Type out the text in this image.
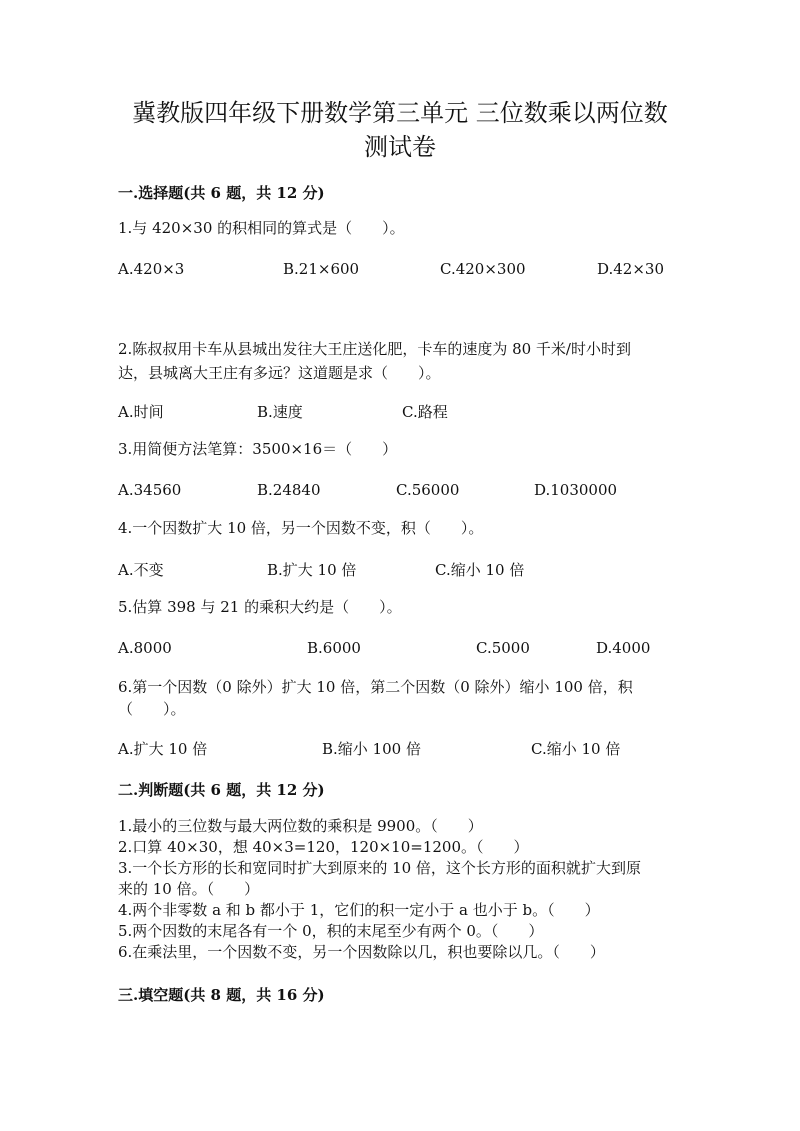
冀教版四年级下册数学第三单元 三位数乘以两位数
测试卷
一.选择题(共 6 题，共 12 分)
1.与 420×30 的积相同的算式是（　　）。
A.420×3	B.21×600	C.420×300	D.42×30
2.陈叔叔用卡车从县城出发往大王庄送化肥，卡车的速度为 80 千米/时小时到
达，县城离大王庄有多远？这道题是求（　　）。
A.时间	B.速度	C.路程
3.用简便方法笔算：3500×16＝（　　）
A.34560	B.24840	C.56000	D.1030000
4.一个因数扩大 10 倍，另一个因数不变，积（　　）。
A.不变	B.扩大 10 倍	C.缩小 10 倍
5.估算 398 与 21 的乘积大约是（　　）。
A.8000	B.6000	C.5000	D.4000
6.第一个因数（0 除外）扩大 10 倍，第二个因数（0 除外）缩小 100 倍，积
（　　）。
A.扩大 10 倍	B.缩小 100 倍	C.缩小 10 倍
二.判断题(共 6 题，共 12 分)
1.最小的三位数与最大两位数的乘积是 9900。（　　）
2.口算 40×30，想 40×3=120，120×10=1200。（　　）
3.一个长方形的长和宽同时扩大到原来的 10 倍，这个长方形的面积就扩大到原
来的 10 倍。（　　）
4.两个非零数 a 和 b 都小于 1，它们的积一定小于 a 也小于 b。（　　）
5.两个因数的末尾各有一个 0，积的末尾至少有两个 0。（　　）
6.在乘法里，一个因数不变，另一个因数除以几，积也要除以几。（　　）
三.填空题(共 8 题，共 16 分)
